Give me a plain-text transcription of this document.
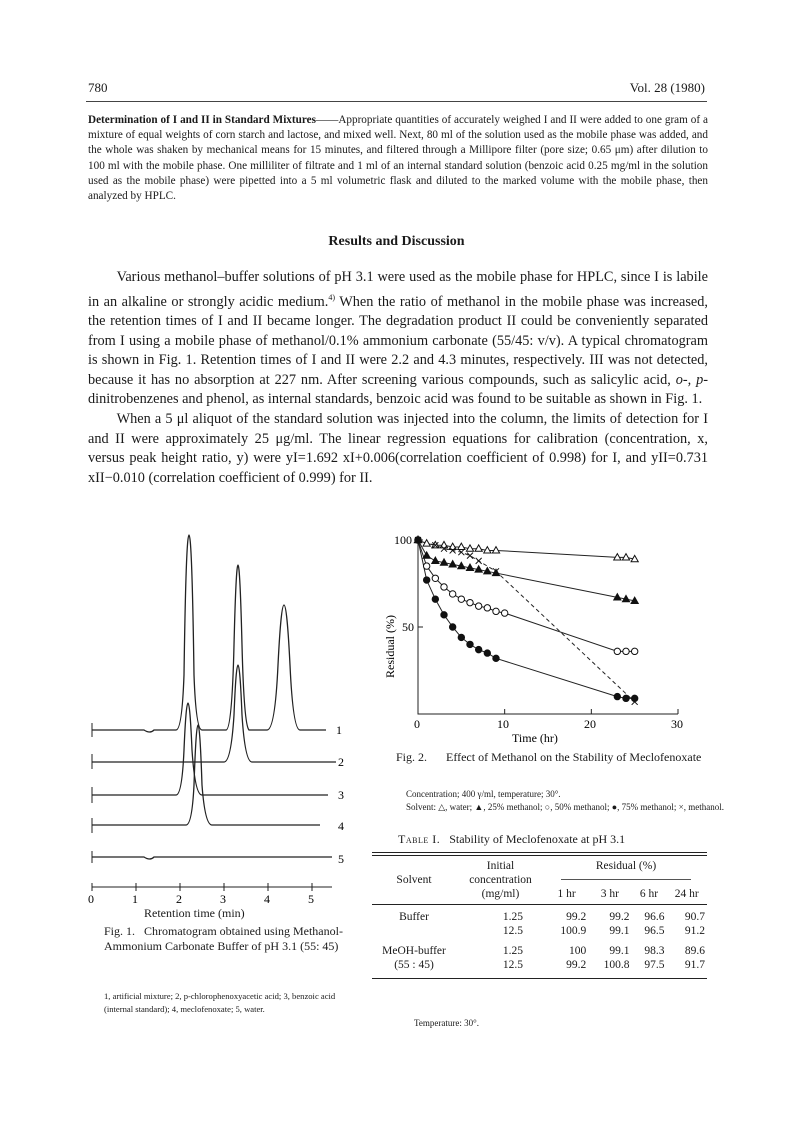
780	Vol. 28 (1980)
Determination of I and II in Standard Mixtures——Appropriate quantities of accurately weighed I and II were added to one gram of a mixture of equal weights of corn starch and lactose, and mixed well. Next, 80 ml of the solution used as the mobile phase was added, and the whole was shaken by mechanical means for 15 minutes, and filtered through a Millipore filter (pore size; 0.65 μm) after dilution to 100 ml with the mobile phase. One milliliter of filtrate and 1 ml of an internal standard solution (benzoic acid 0.25 mg/ml in the solution used as the mobile phase) were pipetted into a 5 ml volumetric flask and diluted to the marked volume with the mobile phase, then analyzed by HPLC.
Results and Discussion

Various methanol–buffer solutions of pH 3.1 were used as the mobile phase for HPLC, since I is labile in an alkaline or strongly acidic medium.$^{4)}$ When the ratio of methanol in the mobile phase was increased, the retention times of I and II became longer. The degradation product II could be conveniently separated from I using a mobile phase of methanol/0.1% ammonium carbonate (55/45: v/v). A typical chromatogram is shown in Fig. 1. Retention times of I and II were 2.2 and 4.3 minutes, respectively. III was not detected, because it has no absorption at 227 nm. After screening various compounds, such as salicylic acid, o-, p-dinitrobenzenes and phenol, as internal standards, benzoic acid was found to be suitable as shown in Fig. 1.

When a 5 μl aliquot of the standard solution was injected into the column, the limits of detection for I and II were approximately 25 μg/ml. The linear regression equations for calibration (concentration, x, versus peak height ratio, y) were yI=1.692 xI+0.006(correlation coefficient of 0.998) for I, and yII=0.731 xII−0.010 (correlation coefficient of 0.999) for II.

1
2
3
4
5
0	1	2	3	4	5
Retention time (min)
Fig. 1. Chromatogram obtained using Methanol-Ammonium Carbonate Buffer of pH 3.1 (55: 45)
1, artificial mixture; 2, p-chlorophenoxyacetic acid; 3, benzoic acid (internal standard); 4, meclofenoxate; 5, water.
100
50
0	10	20	30
Time (hr)
Residual (%)
Fig. 2. Effect of Methanol on the Stability of Meclofenoxate
Concentration; 400 γ/ml, temperature; 30°.
Solvent: △, water; ▲, 25% methanol; ○, 50% methanol; ●, 75% methanol; ×, methanol.
Table I. Stability of Meclofenoxate at pH 3.1
Solvent	Initial	Residual (%)			
	concentration				

	(mg/ml)	1 hr	3 hr	6 hr	24 hr

Buffer	1.25	99.2	99.2	96.6	90.7
	12.5	100.9	99.1	96.5	91.2

MeOH-buffer	1.25	100	99.1	98.3	89.6
(55 : 45)	12.5	99.2	100.8	97.5	91.7
Temperature: 30°.
